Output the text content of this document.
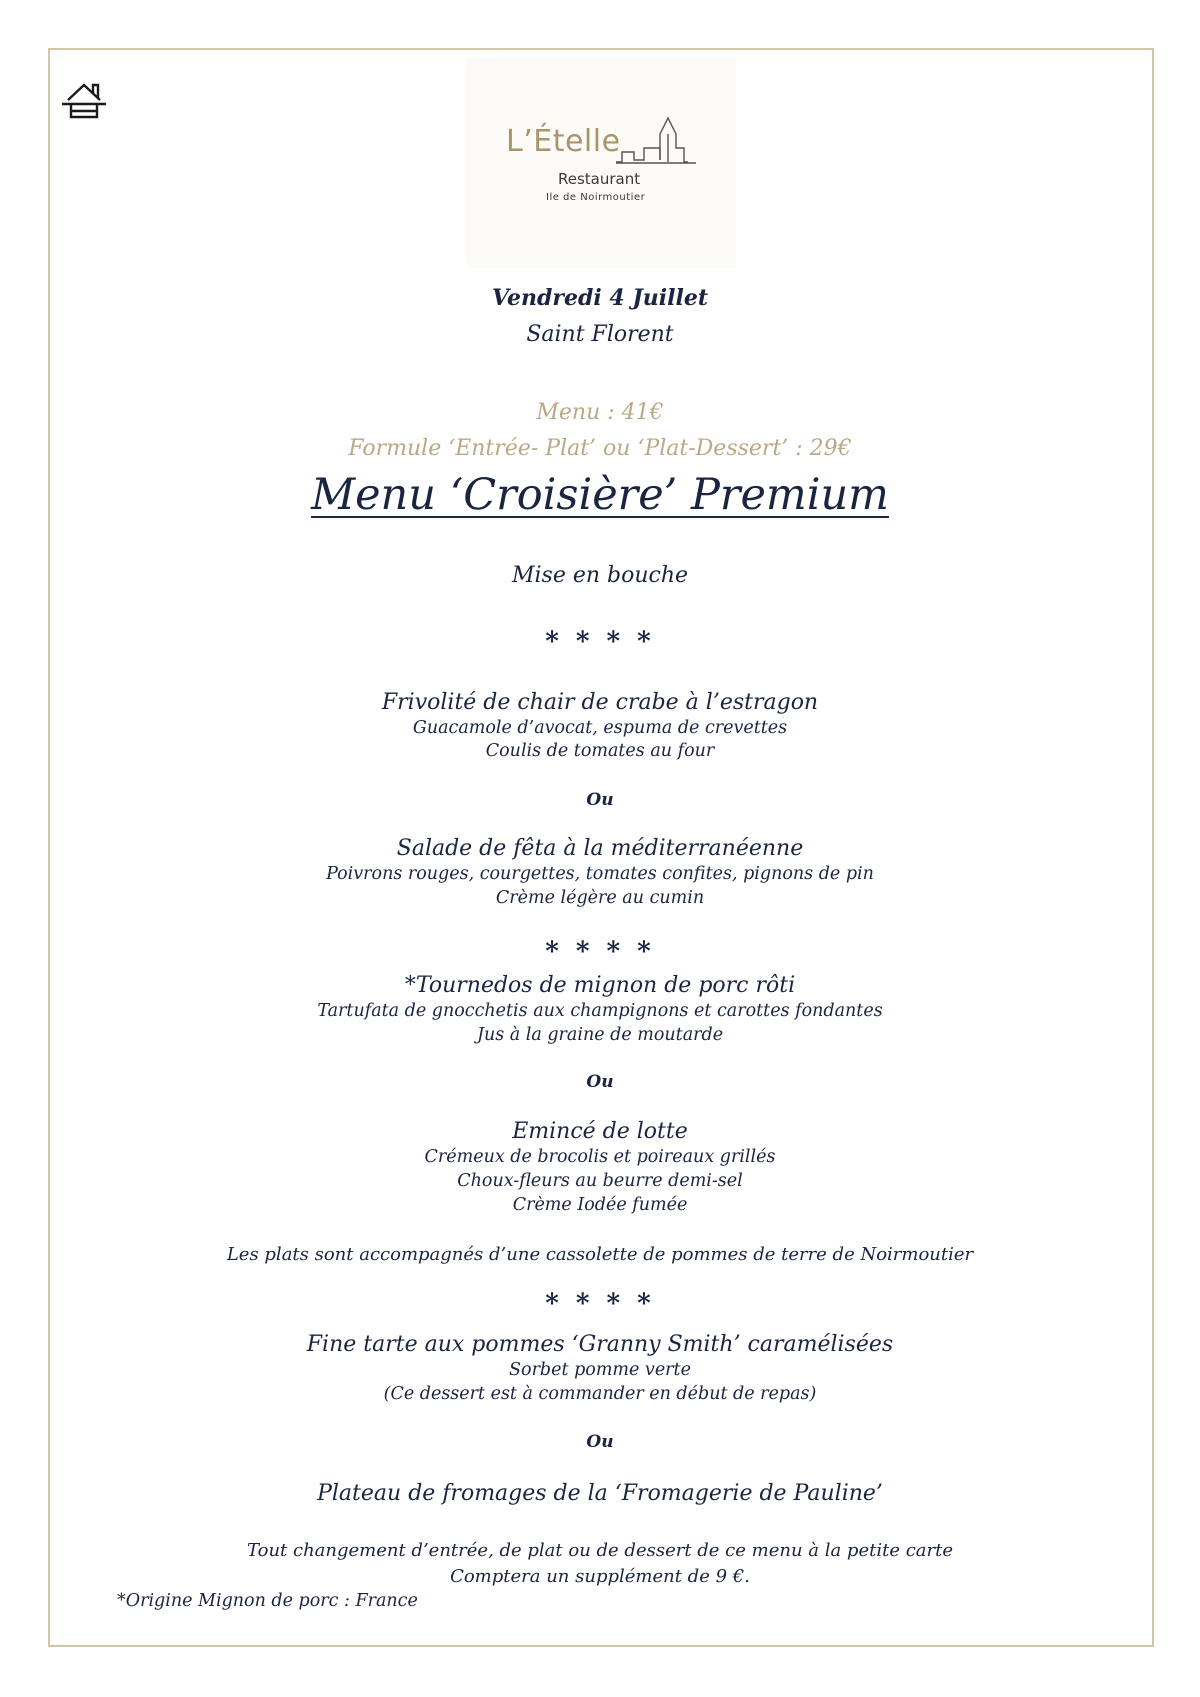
L’Ételle
Restaurant
Ile de Noirmoutier
Vendredi 4 Juillet
Saint Florent
Menu : 41€
Formule ‘Entrée- Plat’ ou ‘Plat-Dessert’ : 29€
Menu ‘Croisière’ Premium
Mise en bouche
* * * *
Frivolité de chair de crabe à l’estragon
Guacamole d’avocat, espuma de crevettes
Coulis de tomates au four
Ou
Salade de fêta à la méditerranéenne
Poivrons rouges, courgettes, tomates confites, pignons de pin
Crème légère au cumin
* * * *
*Tournedos de mignon de porc rôti
Tartufata de gnocchetis aux champignons et carottes fondantes
Jus à la graine de moutarde
Ou
Emincé de lotte
Crémeux de brocolis et poireaux grillés
Choux-fleurs au beurre demi-sel
Crème Iodée fumée
Les plats sont accompagnés d’une cassolette de pommes de terre de Noirmoutier
* * * *
Fine tarte aux pommes ‘Granny Smith’ caramélisées
Sorbet pomme verte
(Ce dessert est à commander en début de repas)
Ou
Plateau de fromages de la ‘Fromagerie de Pauline’
Tout changement d’entrée, de plat ou de dessert de ce menu à la petite carte
Comptera un supplément de 9 €.
*Origine Mignon de porc : France
